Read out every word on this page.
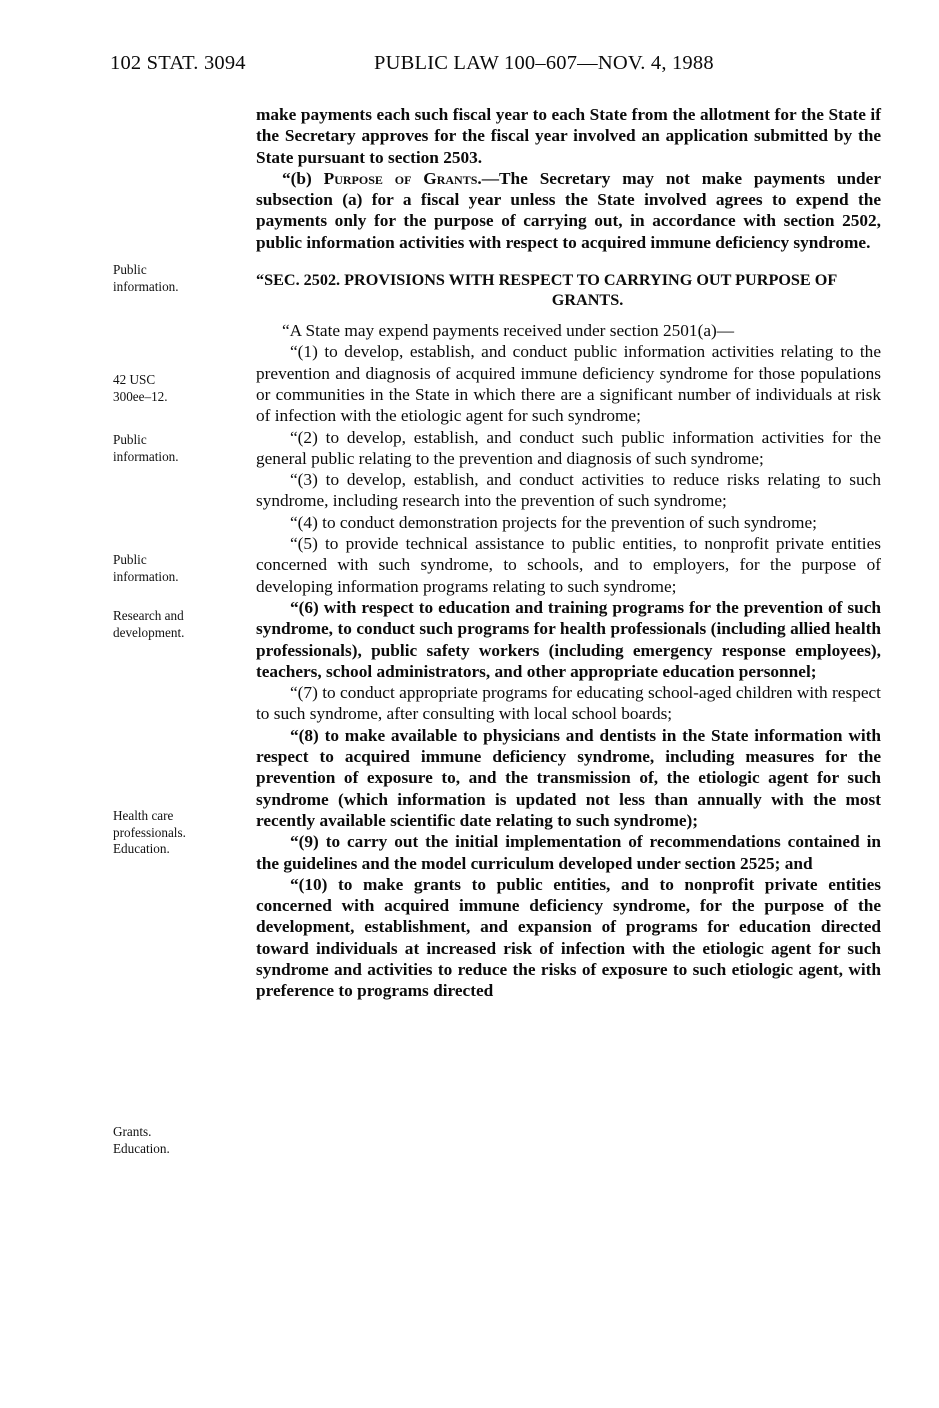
102 STAT. 3094	PUBLIC LAW 100–607—NOV. 4, 1988
Public
information.
42 USC
300ee–12.
Public
information.
Public
information.
Research and
development.
Health care
professionals.
Education.
Grants.
Education.

make payments each such fiscal year to each State from the allotment for the State if the Secretary approves for the fiscal year involved an application submitted by the State pursuant to section 2503.

“(b) Purpose of Grants.—The Secretary may not make payments under subsection (a) for a fiscal year unless the State involved agrees to expend the payments only for the purpose of carrying out, in accordance with section 2502, public information activities with respect to acquired immune deficiency syndrome.

“SEC. 2502. PROVISIONS WITH RESPECT TO CARRYING OUT PURPOSE OF
GRANTS.

“A State may expend payments received under section 2501(a)—

“(1) to develop, establish, and conduct public information activities relating to the prevention and diagnosis of acquired immune deficiency syndrome for those populations or communities in the State in which there are a significant number of individuals at risk of infection with the etiologic agent for such syndrome;

“(2) to develop, establish, and conduct such public information activities for the general public relating to the prevention and diagnosis of such syndrome;

“(3) to develop, establish, and conduct activities to reduce risks relating to such syndrome, including research into the prevention of such syndrome;

“(4) to conduct demonstration projects for the prevention of such syndrome;

“(5) to provide technical assistance to public entities, to nonprofit private entities concerned with such syndrome, to schools, and to employers, for the purpose of developing information programs relating to such syndrome;

“(6) with respect to education and training programs for the prevention of such syndrome, to conduct such programs for health professionals (including allied health professionals), public safety workers (including emergency response employees), teachers, school administrators, and other appropriate education personnel;

“(7) to conduct appropriate programs for educating school-aged children with respect to such syndrome, after consulting with local school boards;

“(8) to make available to physicians and dentists in the State information with respect to acquired immune deficiency syndrome, including measures for the prevention of exposure to, and the transmission of, the etiologic agent for such syndrome (which information is updated not less than annually with the most recently available scientific date relating to such syndrome);

“(9) to carry out the initial implementation of recommendations contained in the guidelines and the model curriculum developed under section 2525; and

“(10) to make grants to public entities, and to nonprofit private entities concerned with acquired immune deficiency syndrome, for the purpose of the development, establishment, and expansion of programs for education directed toward individuals at increased risk of infection with the etiologic agent for such syndrome and activities to reduce the risks of exposure to such etiologic agent, with preference to programs directed
